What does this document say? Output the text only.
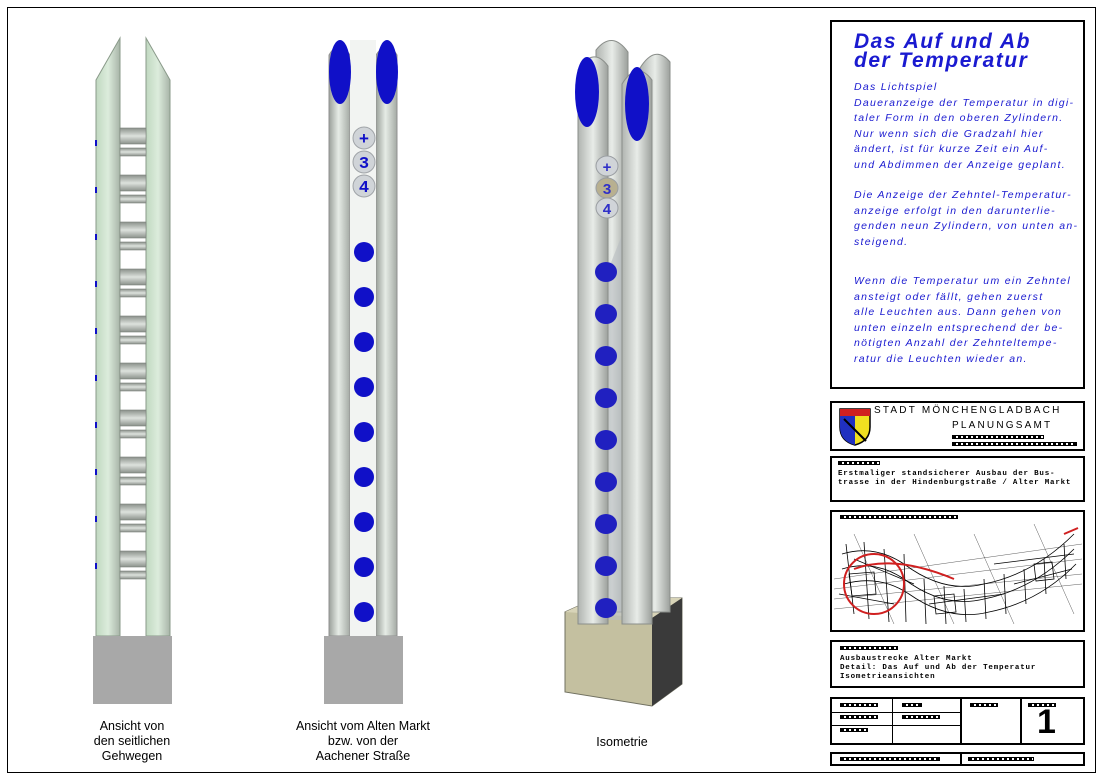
+
3
4
+
3
4
Ansicht von
den seitlichen
Gehwegen
Ansicht vom Alten Markt
bzw. von der
Aachener Straße
Isometrie
Das Auf und Ab
der Temperatur
Das Lichtspiel
Daueranzeige der Temperatur in digi-
taler Form in den oberen Zylindern.
Nur wenn sich die Gradzahl hier
ändert, ist für kurze Zeit ein Auf-
und Abdimmen der Anzeige geplant.
Die Anzeige der Zehntel-Temperatur-
anzeige erfolgt in den darunterlie-
genden neun Zylindern, von unten an-
steigend.
Wenn die Temperatur um ein Zehntel
ansteigt oder fällt, gehen zuerst
alle Leuchten aus. Dann gehen von
unten einzeln entsprechend der be-
nötigten Anzahl der Zehnteltempe-
ratur die Leuchten wieder an.
STADT MÖNCHENGLADBACH
PLANUNGSAMT
Erstmaliger standsicherer Ausbau der Bus-
trasse in der Hindenburgstraße / Alter Markt
Ausbaustrecke Alter Markt
Detail: Das Auf und Ab der Temperatur
Isometrieansichten
1
